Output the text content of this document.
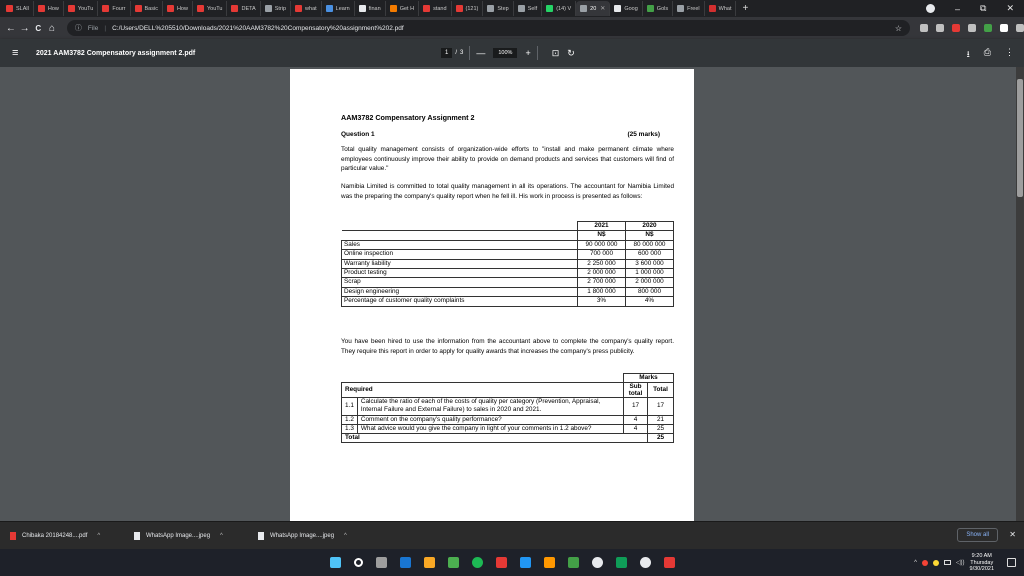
SLAll	How	YouTu	Fourr	Basic	How	YouTu	DETA	Strip	what	Learn	finan	Get H	stand	(121)	Step	Self	(14) V	20 ✕	Goog	Gols	Freel	What +	– ⧉ ✕
← → C ⌂	ⓘ File | C:/Users/DELL%205510/Downloads/2021%20AAM3782%20Compensatory%20assignment%202.pdf	☆
≡	2021 AAM3782 Compensatory assignment 2.pdf	1	/ 3 —	100%	+ ⊡ ↻	⭳ ⎙ ⋮
AAM3782 Compensatory Assignment 2
Question 1	(25 marks)
Total quality management consists of organization-wide efforts to "install and make permanent climate where employees continuously improve their ability to provide on demand products and services that customers will find of particular value."
Namibia Limited is committed to total quality management in all its operations. The accountant for Namibia Limited was the preparing the company's quality report when he fell ill. His work in process is presented as follows:
	2021	2020
	N$	N$
Sales	90 000 000	80 000 000
Online inspection	700 000	600 000
Warranty liability	2 250 000	3 600 000
Product testing	2 000 000	1 000 000
Scrap	2 700 000	2 000 000
Design engineering	1 800 000	800 000
Percentage of customer quality complaints	3%	4%
You have been hired to use the information from the accountant above to complete the company's quality report. They require this report in order to apply for quality awards that increases the company's press publicity.
		Marks	
Required		Sub total	Total
1.1	Calculate the ratio of each of the costs of quality per category (Prevention, Appraisal, Internal Failure and External Failure) to sales in 2020 and 2021.	17	17
1.2	Comment on the company's quality performance?	4	21
1.3	What advice would you give the company in light of your comments in 1.2 above?	4	25
Total			25
Chibaka 20184248....pdf ^	WhatsApp Image....jpeg ^	WhatsApp Image....jpeg ^	Show all	✕
^	◁))
9:20 AM
Thursday
9/30/2021
